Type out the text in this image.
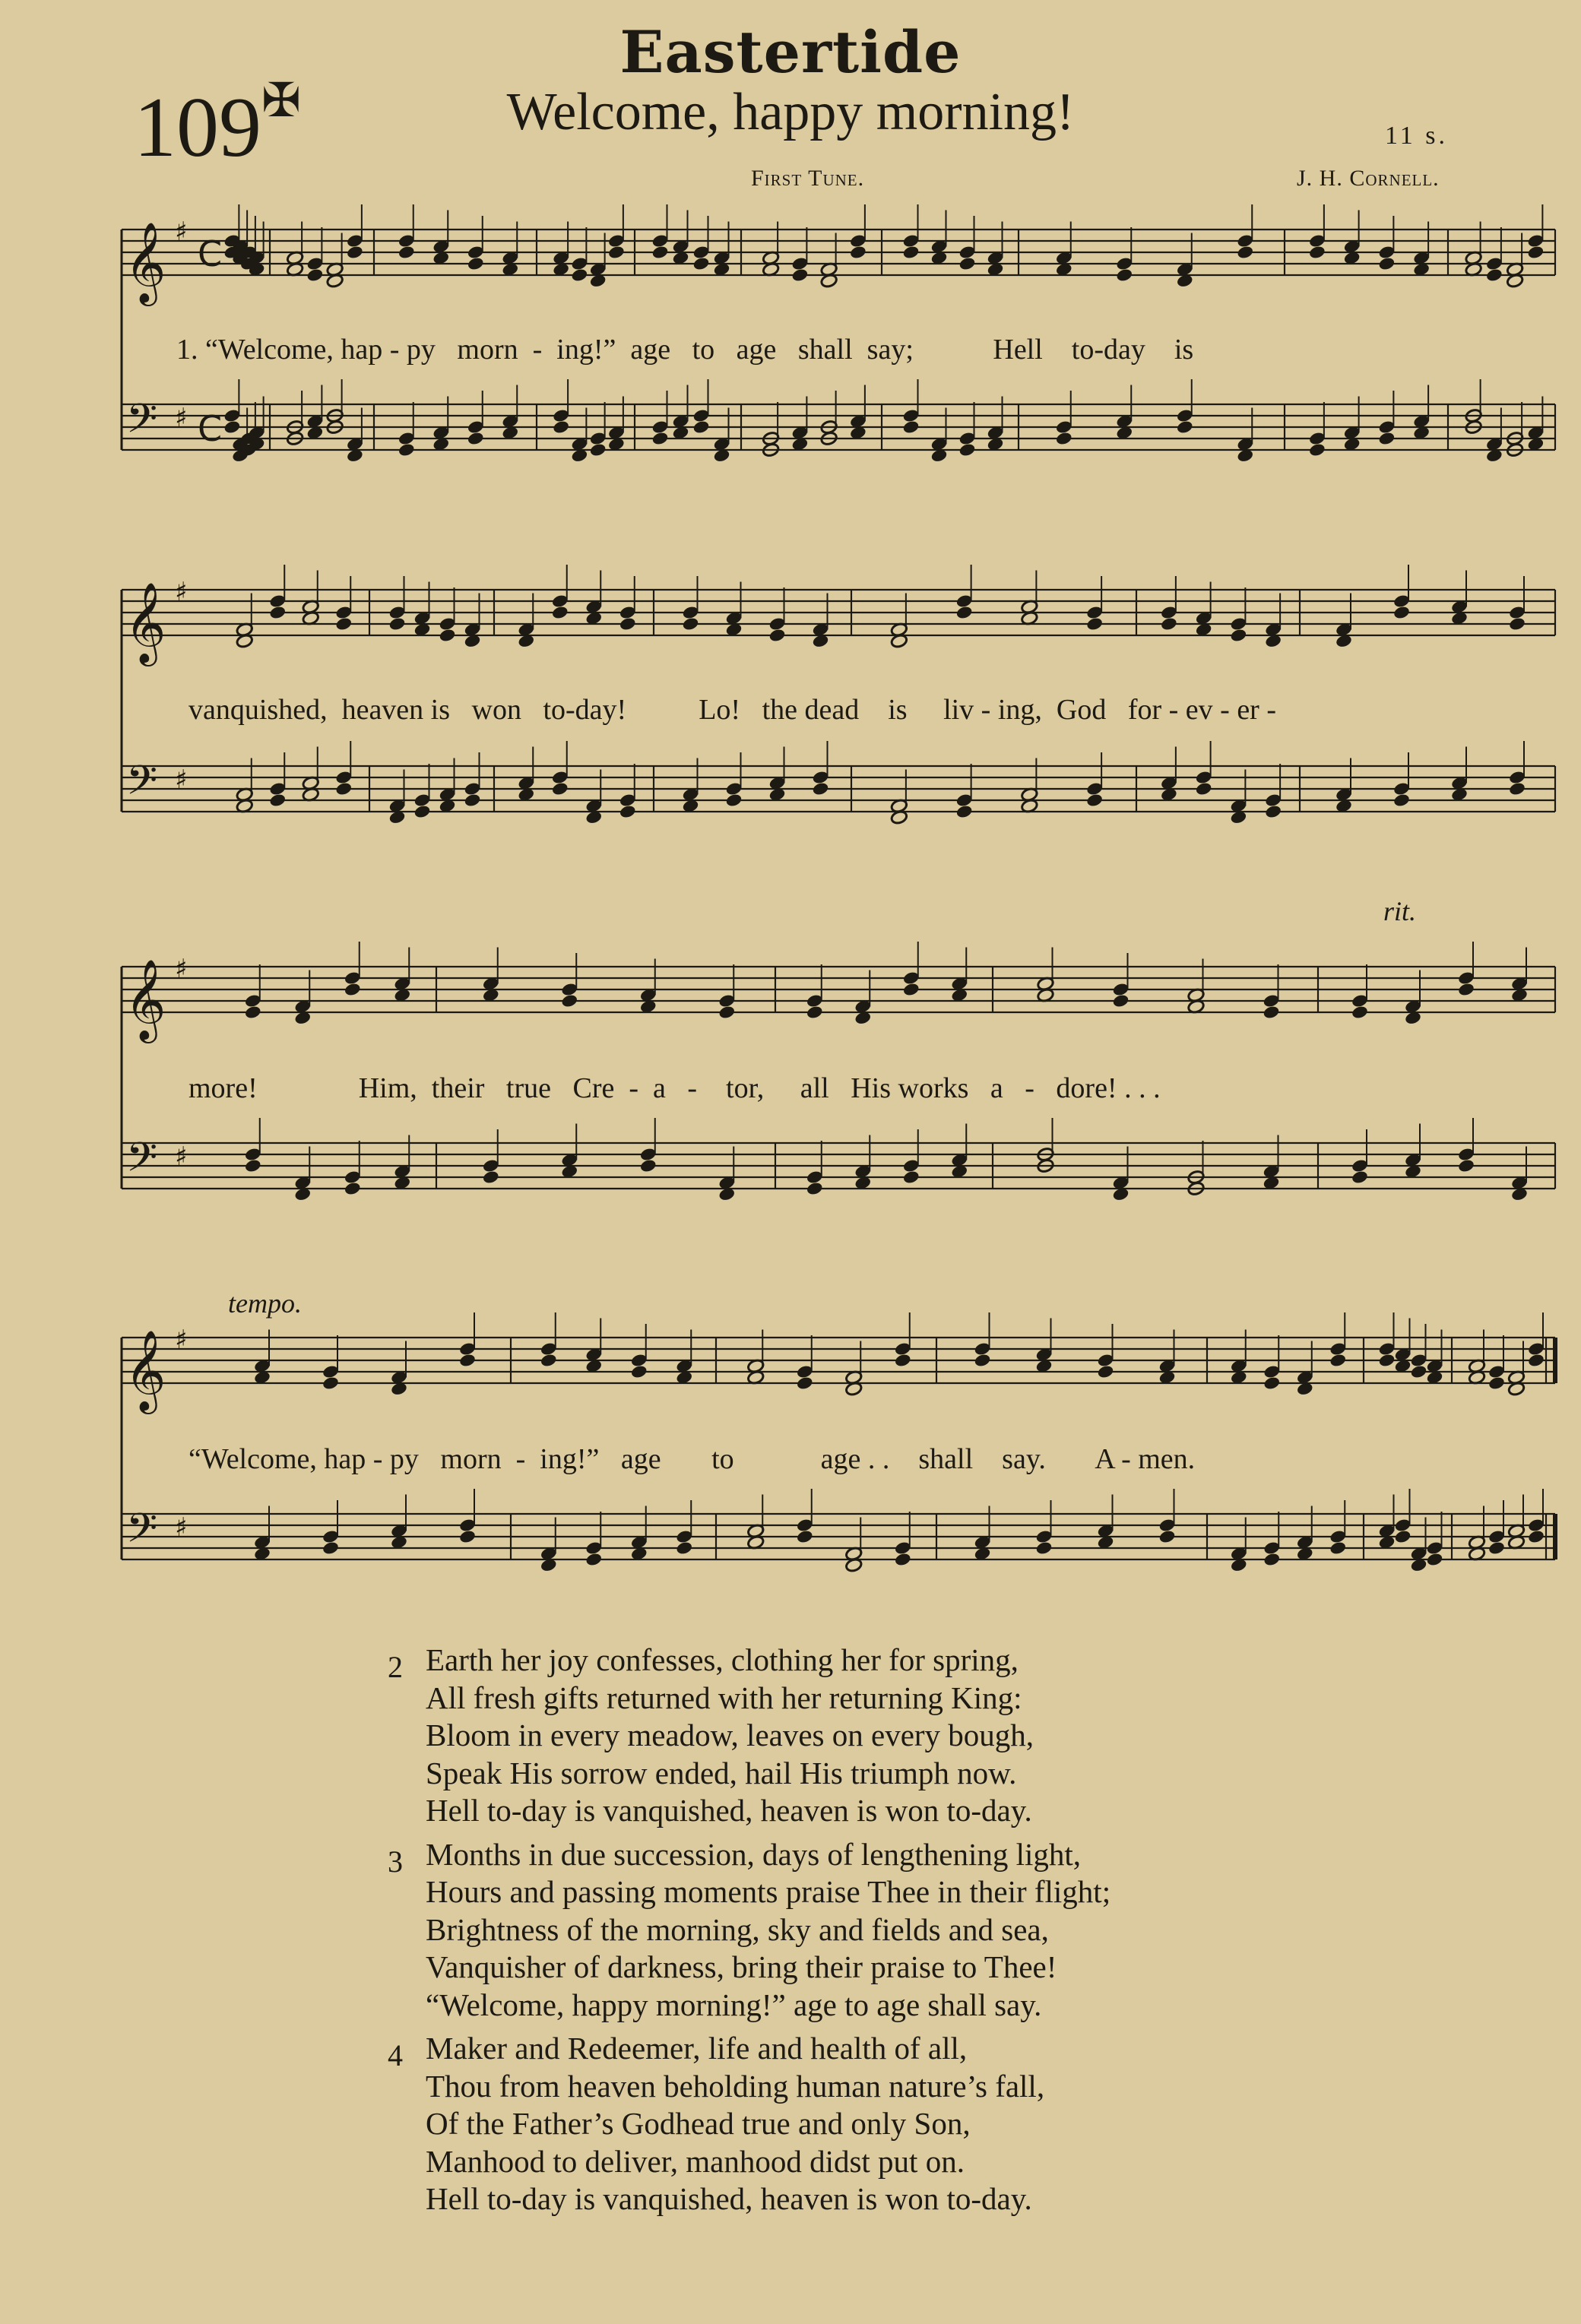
Eastertide
109✠	Welcome, happy morning!	11 s.
First Tune.	J. H. Cornell.
𝄞
𝄢
♯
♯
C
C
𝄞
𝄢
♯
♯
𝄞
𝄢
♯
♯
𝄞
𝄢
♯
♯
1. “Welcome, hap - py   morn  -  ing!”  age   to   age   shall  say;           Hell    to-day    is
vanquished,  heaven is   won   to-day!          Lo!   the dead    is     liv - ing,  God   for - ev - er -
more!              Him,  their   true   Cre  -  a   -    tor,     all   His works   a   -   dore! . . .
“Welcome, hap - py   morn  -  ing!”   age       to            age . .    shall    say.       A - men.
rit.
tempo.
2 Earth her joy confesses, clothing her for spring,
All fresh gifts returned with her returning King:
Bloom in every meadow, leaves on every bough,
Speak His sorrow ended, hail His triumph now.
Hell to-day is vanquished, heaven is won to-day.
3 Months in due succession, days of lengthening light,
Hours and passing moments praise Thee in their flight;
Brightness of the morning, sky and fields and sea,
Vanquisher of darkness, bring their praise to Thee!
“Welcome, happy morning!” age to age shall say.
4 Maker and Redeemer, life and health of all,
Thou from heaven beholding human nature’s fall,
Of the Father’s Godhead true and only Son,
Manhood to deliver, manhood didst put on.
Hell to-day is vanquished, heaven is won to-day.
